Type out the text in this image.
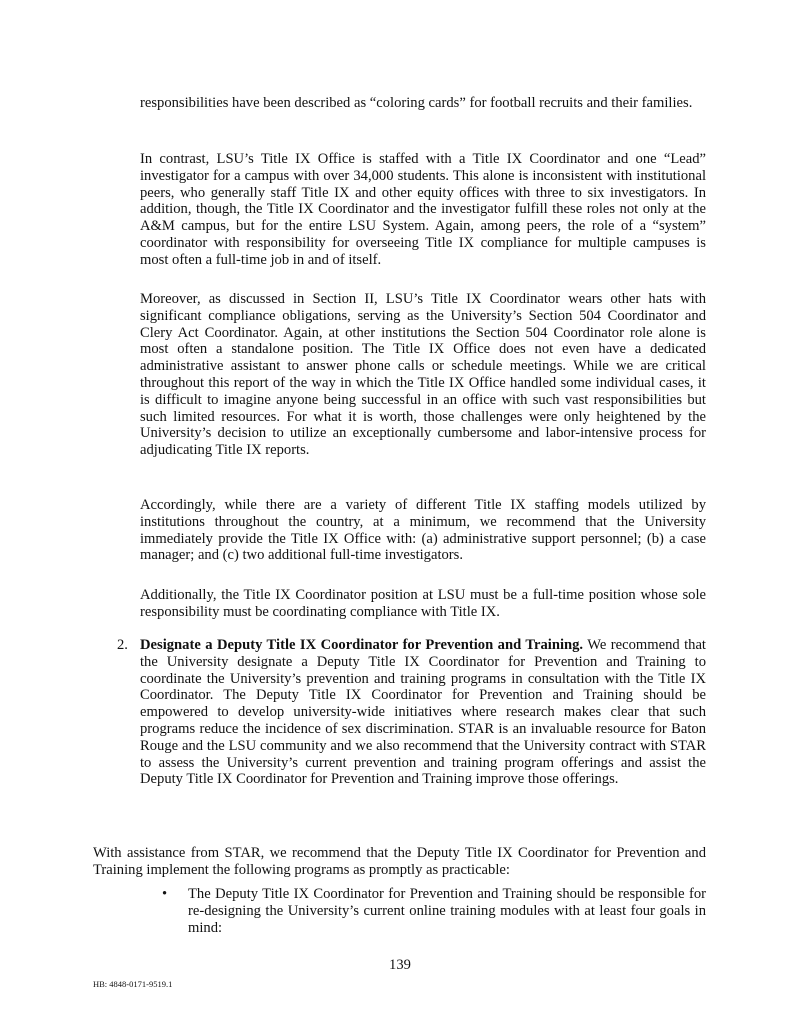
responsibilities have been described as “coloring cards” for football recruits and their families.

In contrast, LSU’s Title IX Office is staffed with a Title IX Coordinator and one “Lead” investigator for a campus with over 34,000 students. This alone is inconsistent with institutional peers, who generally staff Title IX and other equity offices with three to six investigators. In addition, though, the Title IX Coordinator and the investigator fulfill these roles not only at the A&M campus, but for the entire LSU System. Again, among peers, the role of a “system” coordinator with responsibility for overseeing Title IX compliance for multiple campuses is most often a full-time job in and of itself.

Moreover, as discussed in Section II, LSU’s Title IX Coordinator wears other hats with significant compliance obligations, serving as the University’s Section 504 Coordinator and Clery Act Coordinator. Again, at other institutions the Section 504 Coordinator role alone is most often a standalone position. The Title IX Office does not even have a dedicated administrative assistant to answer phone calls or schedule meetings. While we are critical throughout this report of the way in which the Title IX Office handled some individual cases, it is difficult to imagine anyone being successful in an office with such vast responsibilities but such limited resources. For what it is worth, those challenges were only heightened by the University’s decision to utilize an exceptionally cumbersome and labor-intensive process for adjudicating Title IX reports.

Accordingly, while there are a variety of different Title IX staffing models utilized by institutions throughout the country, at a minimum, we recommend that the University immediately provide the Title IX Office with: (a) administrative support personnel; (b) a case manager; and (c) two additional full-time investigators.

Additionally, the Title IX Coordinator position at LSU must be a full-time position whose sole responsibility must be coordinating compliance with Title IX.

2. Designate a Deputy Title IX Coordinator for Prevention and Training. We recommend that the University designate a Deputy Title IX Coordinator for Prevention and Training to coordinate the University’s prevention and training programs in consultation with the Title IX Coordinator. The Deputy Title IX Coordinator for Prevention and Training should be empowered to develop university-wide initiatives where research makes clear that such programs reduce the incidence of sex discrimination. STAR is an invaluable resource for Baton Rouge and the LSU community and we also recommend that the University contract with STAR to assess the University’s current prevention and training program offerings and assist the Deputy Title IX Coordinator for Prevention and Training improve those offerings.

With assistance from STAR, we recommend that the Deputy Title IX Coordinator for Prevention and Training implement the following programs as promptly as practicable:

• The Deputy Title IX Coordinator for Prevention and Training should be responsible for re-designing the University’s current online training modules with at least four goals in mind:

139
HB: 4848-0171-9519.1
